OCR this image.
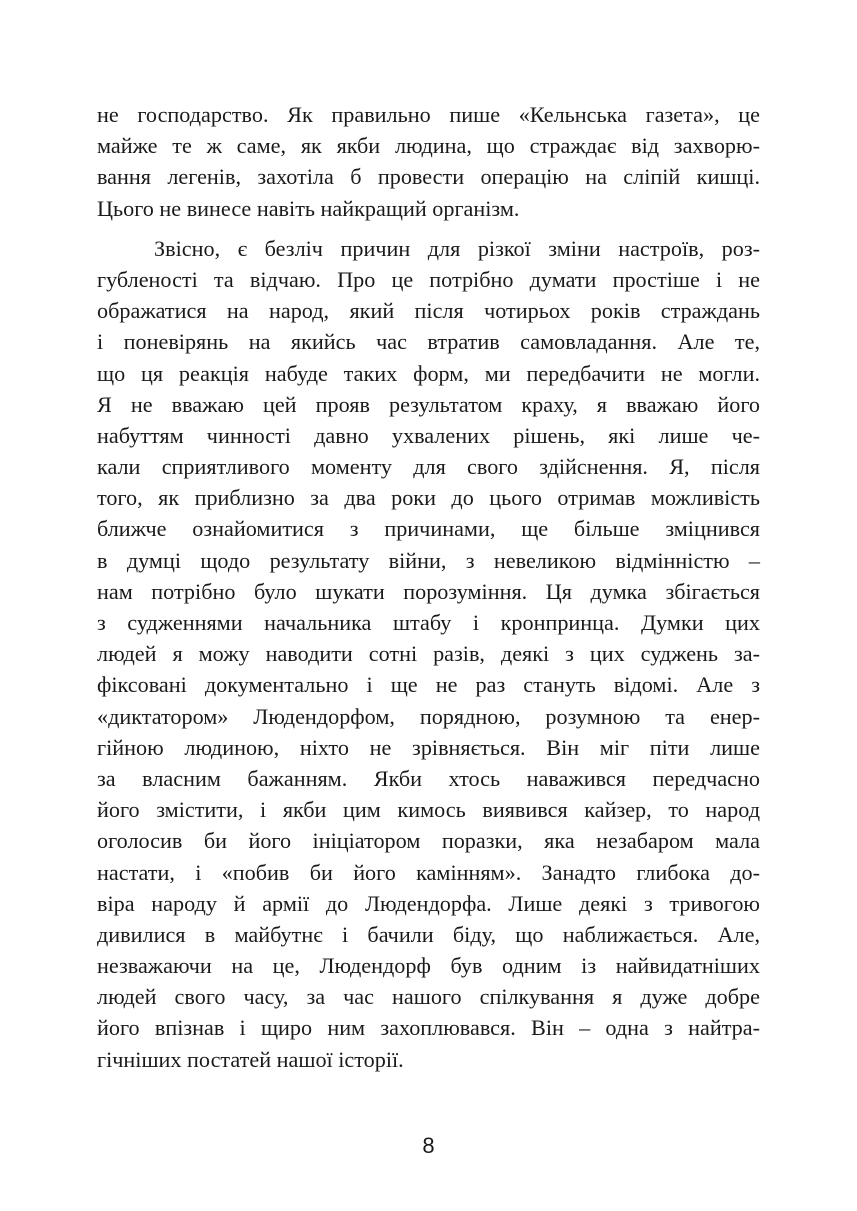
не господарство. Як правильно пише «Кельнська газета», це
майже те ж саме, як якби людина, що страждає від захворю-
вання легенів, захотіла б провести операцію на сліпій кишці.
Цього не винесе навіть найкращий організм.

Звісно, є безліч причин для різкої зміни настроїв, роз-
губленості та відчаю. Про це потрібно думати простіше і не
ображатися на народ, який після чотирьох років страждань
і поневірянь на якийсь час втратив самовладання. Але те,
що ця реакція набуде таких форм, ми передбачити не могли.
Я не вважаю цей прояв результатом краху, я вважаю його
набуттям чинності давно ухвалених рішень, які лише че-
кали сприятливого моменту для свого здійснення. Я, після
того, як приблизно за два роки до цього отримав можливість
ближче ознайомитися з причинами, ще більше зміцнився
в думці щодо результату війни, з невеликою відмінністю –
нам потрібно було шукати порозуміння. Ця думка збігається
з судженнями начальника штабу і кронпринца. Думки цих
людей я можу наводити сотні разів, деякі з цих суджень за-
фіксовані документально і ще не раз стануть відомі. Але з
«диктатором» Людендорфом, порядною, розумною та енер-
гійною людиною, ніхто не зрівняється. Він міг піти лише
за власним бажанням. Якби хтось наважився передчасно
його змістити, і якби цим кимось виявився кайзер, то народ
оголосив би його ініціатором поразки, яка незабаром мала
настати, і «побив би його камінням». Занадто глибока до-
віра народу й армії до Людендорфа. Лише деякі з тривогою
дивилися в майбутнє і бачили біду, що наближається. Але,
незважаючи на це, Людендорф був одним із найвидатніших
людей свого часу, за час нашого спілкування я дуже добре
його впізнав і щиро ним захоплювався. Він – одна з найтра-
гічніших постатей нашої історії.

8
